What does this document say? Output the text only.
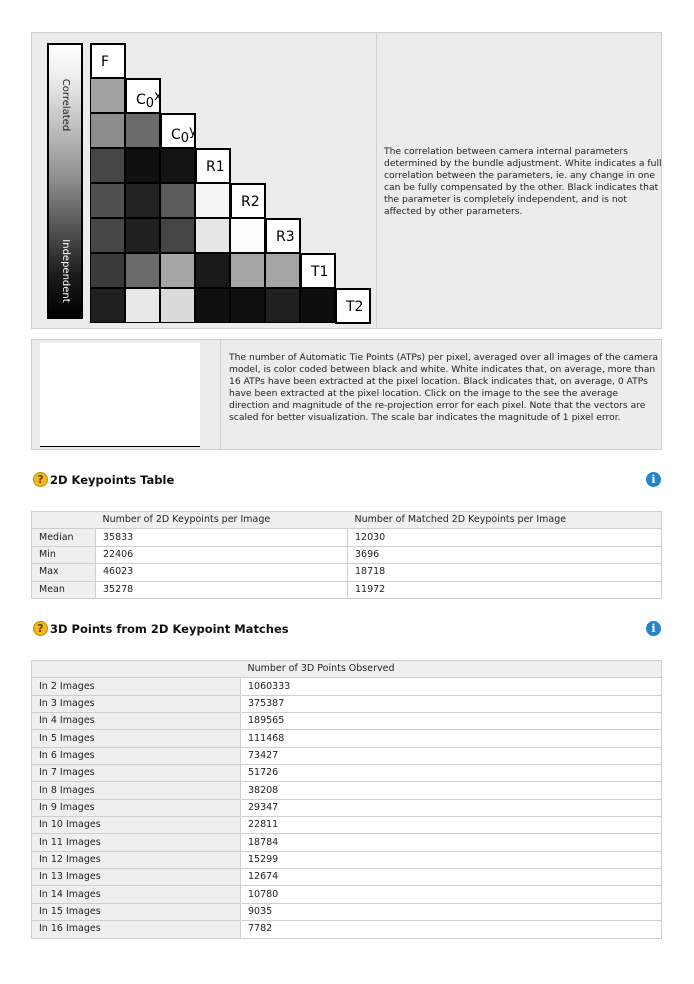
Correlated
Independent
F
$C_0^x$
$C_0^y$
R1
R2
R3
T1
T2
The correlation between camera internal parameters determined by the bundle adjustment. White indicates a full correlation between the parameters, ie. any change in one can be fully compensated by the other. Black indicates that the parameter is completely independent, and is not affected by other parameters.
The number of Automatic Tie Points (ATPs) per pixel, averaged over all images of the camera model, is color coded between black and white. White indicates that, on average, more than 16 ATPs have been extracted at the pixel location. Black indicates that, on average, 0 ATPs have been extracted at the pixel location. Click on the image to the see the average direction and magnitude of the re-projection error for each pixel. Note that the vectors are scaled for better visualization. The scale bar indicates the magnitude of 1 pixel error.
? 2D Keypoints Table	i
	Number of 2D Keypoints per Image	Number of Matched 2D Keypoints per Image
Median	35833	12030
Min	22406	3696
Max	46023	18718
Mean	35278	11972
? 3D Points from 2D Keypoint Matches	i
	Number of 3D Points Observed
In 2 Images	1060333
In 3 Images	375387
In 4 Images	189565
In 5 Images	111468
In 6 Images	73427
In 7 Images	51726
In 8 Images	38208
In 9 Images	29347
In 10 Images	22811
In 11 Images	18784
In 12 Images	15299
In 13 Images	12674
In 14 Images	10780
In 15 Images	9035
In 16 Images	7782
